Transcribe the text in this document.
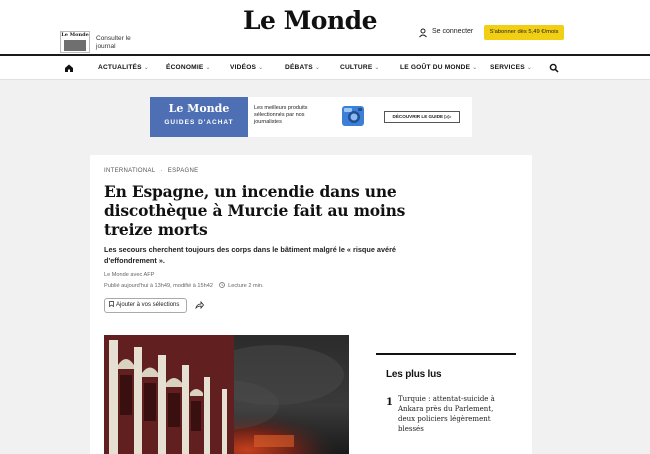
Le Monde Consulter le journal
Le Monde	Se connecter	S'abonner dès 5,49 €/mois
ACTUALITÉS ⌄	ÉCONOMIE ⌄	VIDÉOS ⌄	DÉBATS ⌄	CULTURE ⌄	LE GOÛT DU MONDE ⌄ SERVICES ⌄
Le Monde
GUIDES D'ACHAT
Les meilleurs produits sélectionnés par nos journalistes
DÉCOUVRIR LE GUIDE ▷▷
INTERNATIONAL · ESPAGNE
En Espagne, un incendie dans une discothèque à Murcie fait au moins treize morts

Les secours cherchent toujours des corps dans le bâtiment malgré le « risque avéré d'effondrement ».

Le Monde avec AFP
Publié aujourd'hui à 13h49, modifié à 15h42	Lecture 2 min.
Ajouter à vos sélections
Les plus lus
1 Turquie : attentat-suicide à Ankara près du Parlement, deux policiers légèrement blessés
